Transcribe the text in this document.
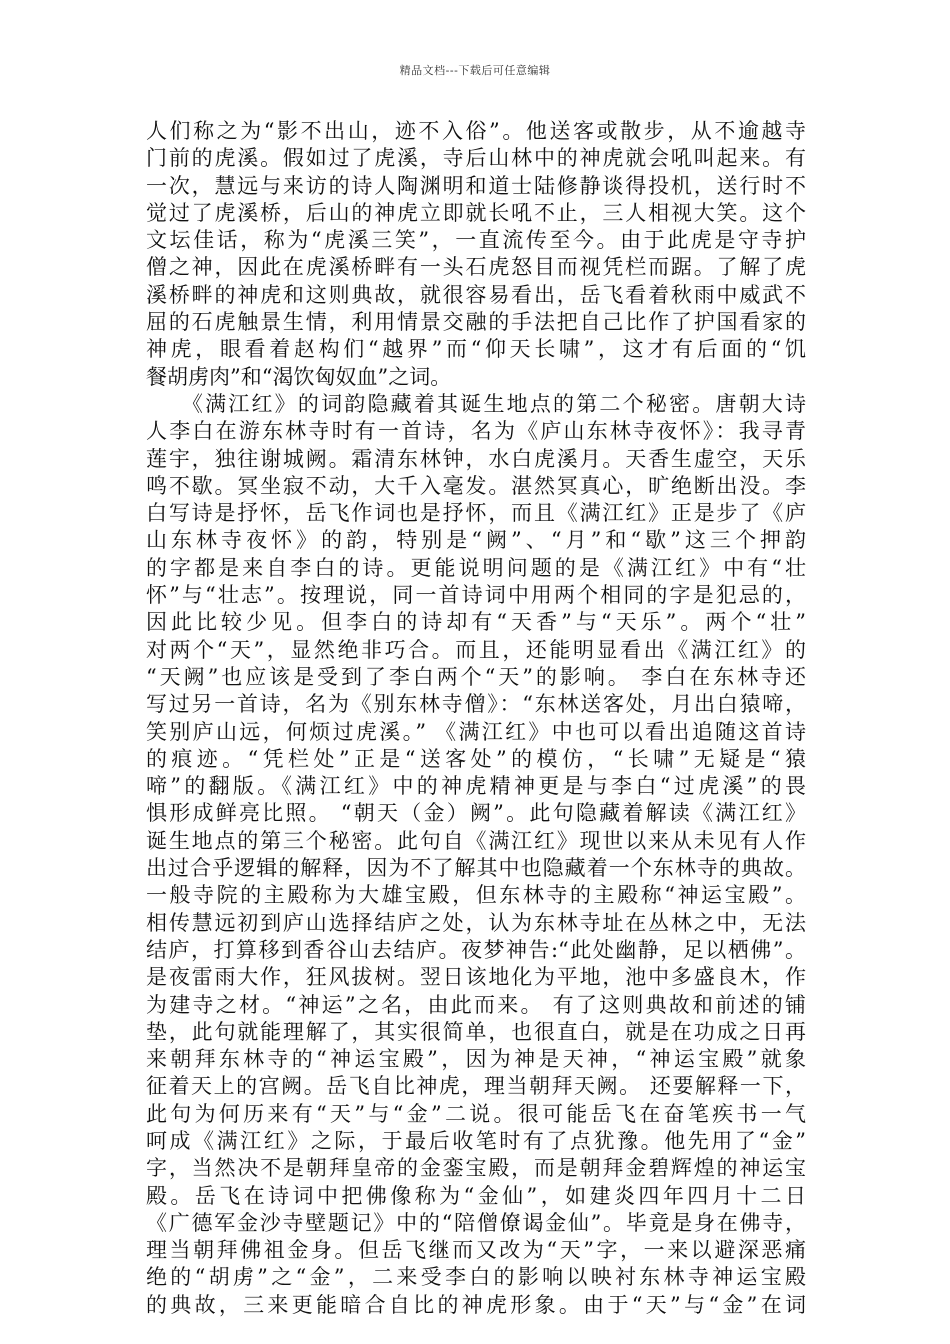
精品文档---下载后可任意编辑
人们称之为“影不出山，迹不入俗”。他送客或散步，从不逾越寺
门前的虎溪。假如过了虎溪，寺后山林中的神虎就会吼叫起来。有
一次，慧远与来访的诗人陶渊明和道士陆修静谈得投机，送行时不
觉过了虎溪桥，后山的神虎立即就长吼不止，三人相视大笑。这个
文坛佳话，称为“虎溪三笑”，一直流传至今。由于此虎是守寺护
僧之神，因此在虎溪桥畔有一头石虎怒目而视凭栏而踞。了解了虎
溪桥畔的神虎和这则典故，就很容易看出，岳飞看着秋雨中威武不
屈的石虎触景生情，利用情景交融的手法把自己比作了护国看家的
神虎，眼看着赵构们“越界”而“仰天长啸”，这才有后面的“饥
餐胡虏肉”和“渴饮匈奴血”之词。
　　《满江红》的词韵隐藏着其诞生地点的第二个秘密。唐朝大诗
人李白在游东林寺时有一首诗，名为《庐山东林寺夜怀》：我寻青
莲宇，独往谢城阙。霜清东林钟，水白虎溪月。天香生虚空，天乐
鸣不歇。冥坐寂不动，大千入毫发。湛然冥真心，旷绝断出没。李
白写诗是抒怀，岳飞作词也是抒怀，而且《满江红》正是步了《庐
山东林寺夜怀》的韵，特别是“阙”、“月”和“歇”这三个押韵
的字都是来自李白的诗。更能说明问题的是《满江红》中有“壮
怀”与“壮志”。按理说，同一首诗词中用两个相同的字是犯忌的，
因此比较少见。但李白的诗却有“天香”与“天乐”。两个“壮”
对两个“天”，显然绝非巧合。而且，还能明显看出《满江红》的
“天阙”也应该是受到了李白两个“天”的影响。 李白在东林寺还
写过另一首诗，名为《别东林寺僧》：“东林送客处，月出白猿啼，
笑别庐山远，何烦过虎溪。” 《满江红》中也可以看出追随这首诗
的痕迹。“凭栏处”正是“送客处”的模仿，“长啸”无疑是“猿
啼”的翻版。《满江红》中的神虎精神更是与李白“过虎溪”的畏
惧形成鲜亮比照。 “朝天（金）阙”。此句隐藏着解读《满江红》
诞生地点的第三个秘密。此句自《满江红》现世以来从未见有人作
出过合乎逻辑的解释，因为不了解其中也隐藏着一个东林寺的典故。
一般寺院的主殿称为大雄宝殿，但东林寺的主殿称“神运宝殿”。
相传慧远初到庐山选择结庐之处，认为东林寺址在丛林之中，无法
结庐，打算移到香谷山去结庐。夜梦神告:“此处幽静，足以栖佛”。
是夜雷雨大作，狂风拔树。翌日该地化为平地，池中多盛良木，作
为建寺之材。“神运”之名，由此而来。 有了这则典故和前述的铺
垫，此句就能理解了，其实很简单，也很直白，就是在功成之日再
来朝拜东林寺的“神运宝殿”，因为神是天神，“神运宝殿”就象
征着天上的宫阙。岳飞自比神虎，理当朝拜天阙。 还要解释一下，
此句为何历来有“天”与“金”二说。很可能岳飞在奋笔疾书一气
呵成《满江红》之际，于最后收笔时有了点犹豫。他先用了“金”
字，当然决不是朝拜皇帝的金銮宝殿，而是朝拜金碧辉煌的神运宝
殿。岳飞在诗词中把佛像称为“金仙”，如建炎四年四月十二日
《广德军金沙寺壁题记》中的“陪僧僚谒金仙”。毕竟是身在佛寺，
理当朝拜佛祖金身。但岳飞继而又改为“天”字，一来以避深恶痛
绝的“胡虏”之“金”，二来受李白的影响以映衬东林寺神运宝殿
的典故，三来更能暗合自比的神虎形象。由于“天”与“金”在词
